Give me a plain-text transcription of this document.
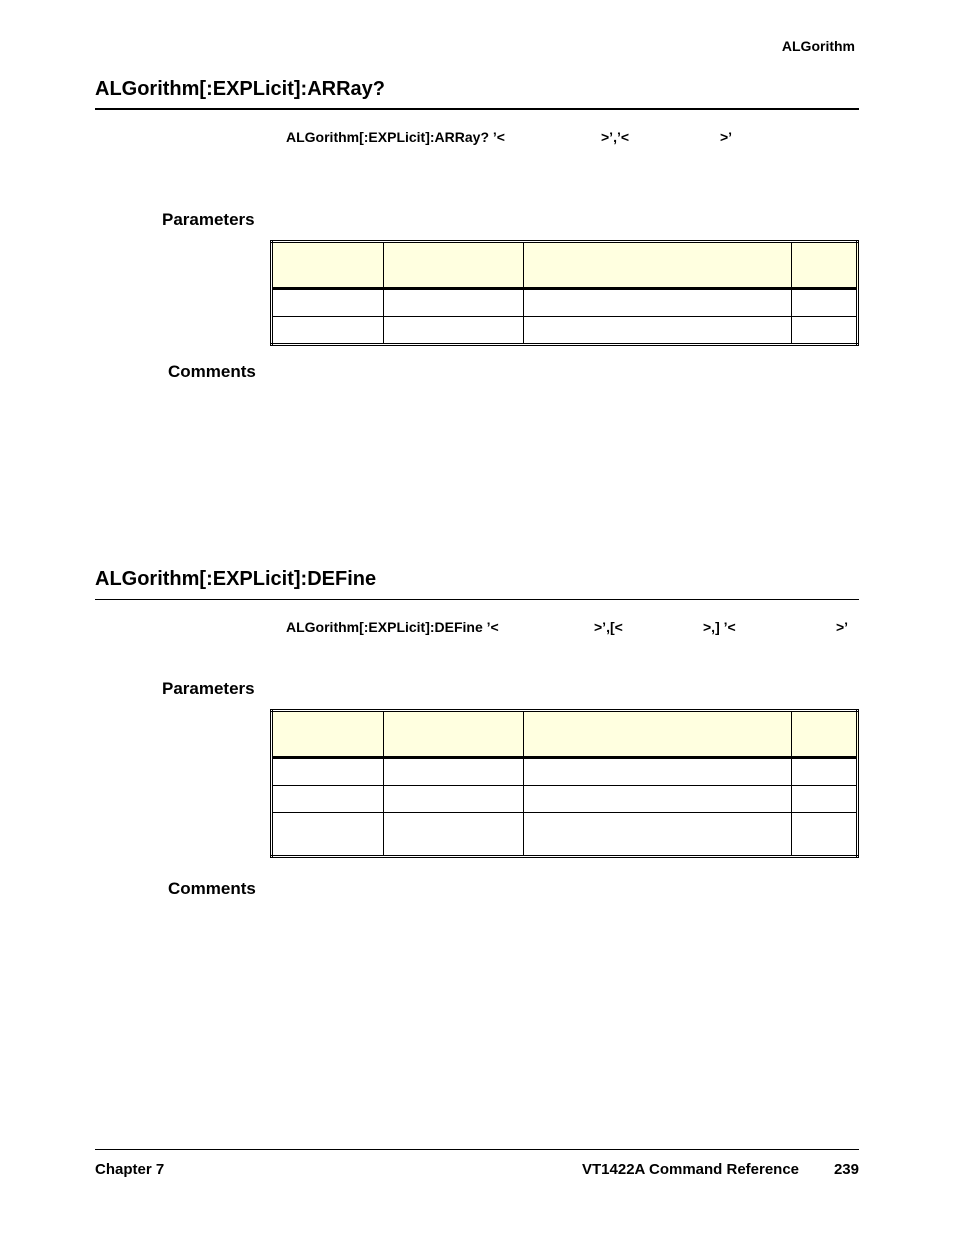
ALGorithm
ALGorithm[:EXPLicit]:ARRay?
ALGorithm[:EXPLicit]:ARRay? ’<	>’,’<	>’
Parameters

Comments
ALGorithm[:EXPLicit]:DEFine
ALGorithm[:EXPLicit]:DEFine ’<	>’,[<	>,] ’<	>’
Parameters

Comments
Chapter 7	VT1422A Command Reference 239
